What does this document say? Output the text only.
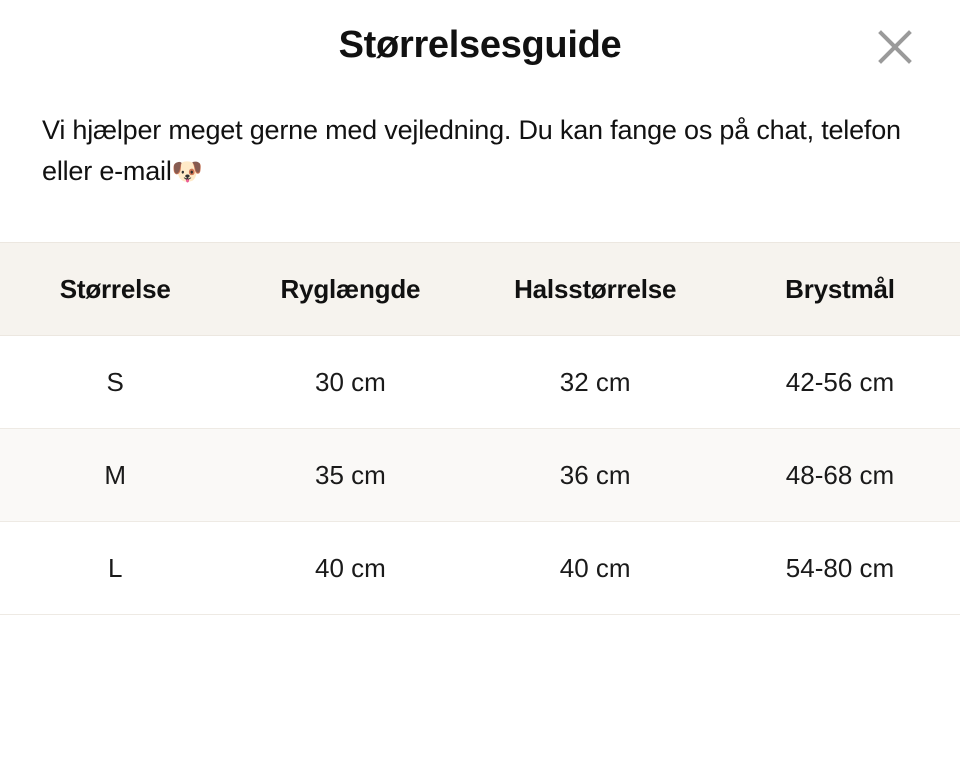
Størrelsesguide
Vi hjælper meget gerne med vejledning. Du kan fange os på chat, telefon eller e-mail🐶
Størrelse	Ryglængde	Halsstørrelse	Brystmål
S	30 cm	32 cm	42-56 cm
M	35 cm	36 cm	48-68 cm
L	40 cm	40 cm	54-80 cm
